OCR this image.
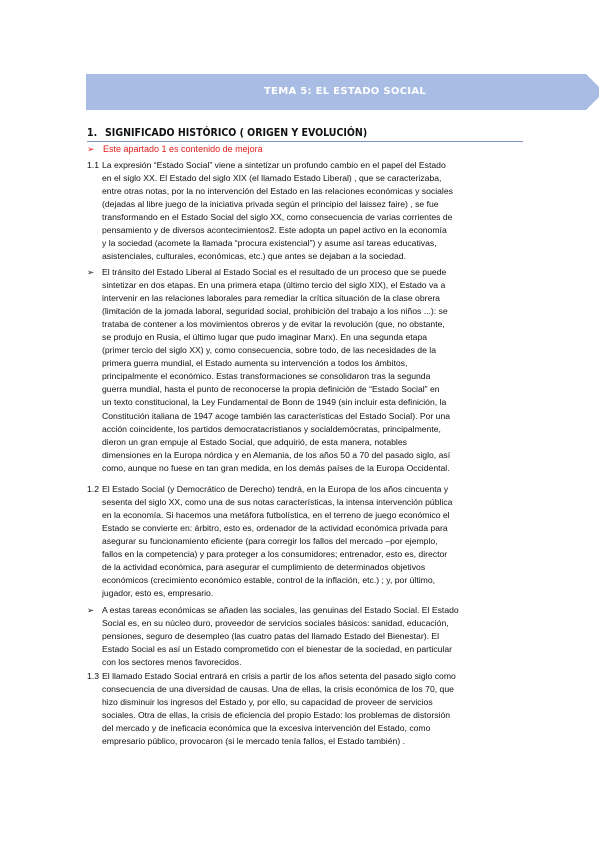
TEMA 5: EL ESTADO SOCIAL
1. SIGNIFICADO HISTÓRICO ( ORIGEN Y EVOLUCIÓN)
➢ Este apartado 1 es contenido de mejora
1.1 La expresión “Estado Social” viene a sintetizar un profundo cambio en el papel del Estado
en el siglo XX. El Estado del siglo XIX (el llamado Estado Liberal) , que se caracterizaba,
entre otras notas, por la no intervención del Estado en las relaciones económicas y sociales
(dejadas al libre juego de la iniciativa privada según el principio del laissez faire) , se fue
transformando en el Estado Social del siglo XX, como consecuencia de varias corrientes de
pensamiento y de diversos acontecimientos2. Este adopta un papel activo en la economía
y la sociedad (acomete la llamada “procura existencial”) y asume así tareas educativas,
asistenciales, culturales, económicas, etc.) que antes se dejaban a la sociedad.
➢ El tránsito del Estado Liberal al Estado Social es el resultado de un proceso que se puede
sintetizar en dos etapas. En una primera etapa (último tercio del siglo XIX), el Estado va a
intervenir en las relaciones laborales para remediar la crítica situación de la clase obrera
(limitación de la jornada laboral, seguridad social, prohibición del trabajo a los niños ...): se
trataba de contener a los movimientos obreros y de evitar la revolución (que, no obstante,
se produjo en Rusia, el último lugar que pudo imaginar Marx). En una segunda etapa
(primer tercio del siglo XX) y, como consecuencia, sobre todo, de las necesidades de la
primera guerra mundial, el Estado aumenta su intervención a todos los ámbitos,
principalmente el económico. Estas transformaciones se consolidaron tras la segunda
guerra mundial, hasta el punto de reconocerse la propia definición de “Estado Social” en
un texto constitucional, la Ley Fundamental de Bonn de 1949 (sin incluir esta definición, la
Constitución italiana de 1947 acoge también las características del Estado Social). Por una
acción coincidente, los partidos democratacristianos y socialdemócratas, principalmente,
dieron un gran empuje al Estado Social, que adquirió, de esta manera, notables
dimensiones en la Europa nórdica y en Alemania, de los años 50 a 70 del pasado siglo, así
como, aunque no fuese en tan gran medida, en los demás países de la Europa Occidental.
1.2 El Estado Social (y Democrático de Derecho) tendrá, en la Europa de los años cincuenta y
sesenta del siglo XX, como una de sus notas características, la intensa intervención pública
en la economía. Si hacemos una metáfora futbolística, en el terreno de juego económico el
Estado se convierte en: árbitro, esto es, ordenador de la actividad económica privada para
asegurar su funcionamiento eficiente (para corregir los fallos del mercado –por ejemplo,
fallos en la competencia) y para proteger a los consumidores; entrenador, esto es, director
de la actividad económica, para asegurar el cumplimiento de determinados objetivos
económicos (crecimiento económico estable, control de la inflación, etc.) ; y, por último,
jugador, esto es, empresario.
➢ A estas tareas económicas se añaden las sociales, las genuinas del Estado Social. El Estado
Social es, en su núcleo duro, proveedor de servicios sociales básicos: sanidad, educación,
pensiones, seguro de desempleo (las cuatro patas del llamado Estado del Bienestar). El
Estado Social es así un Estado comprometido con el bienestar de la sociedad, en particular
con los sectores menos favorecidos.
1.3 El llamado Estado Social entrará en crisis a partir de los años setenta del pasado siglo como
consecuencia de una diversidad de causas. Una de ellas, la crisis económica de los 70, que
hizo disminuir los ingresos del Estado y, por ello, su capacidad de proveer de servicios
sociales. Otra de ellas, la crisis de eficiencia del propio Estado: los problemas de distorsión
del mercado y de ineficacia económica que la excesiva intervención del Estado, como
empresario público, provocaron (si le mercado tenía fallos, el Estado también) .
